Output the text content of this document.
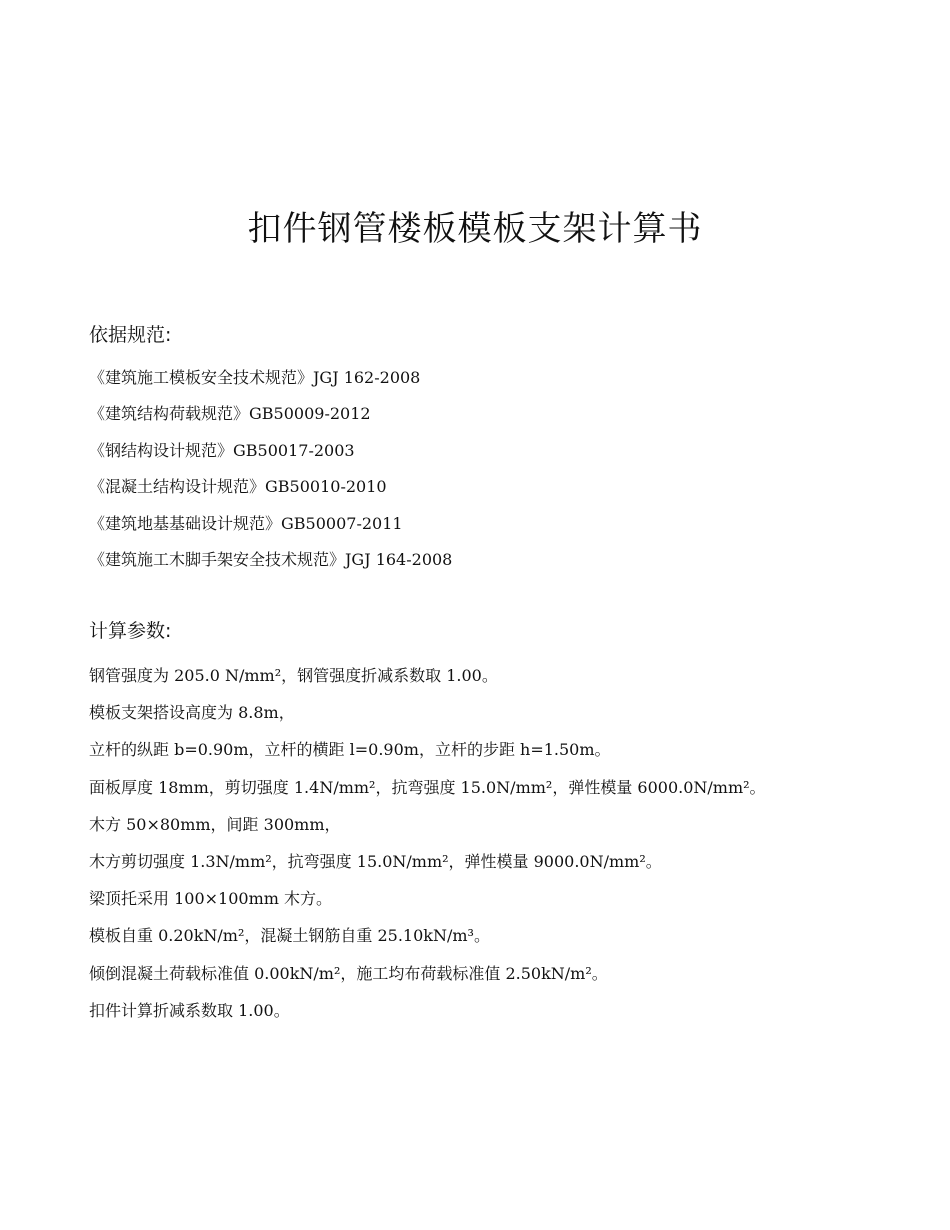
扣件钢管楼板模板支架计算书
依据规范:
《建筑施工模板安全技术规范》JGJ 162-2008
《建筑结构荷载规范》GB50009-2012
《钢结构设计规范》GB50017-2003
《混凝土结构设计规范》GB50010-2010
《建筑地基基础设计规范》GB50007-2011
《建筑施工木脚手架安全技术规范》JGJ 164-2008
计算参数:
钢管强度为 205.0 N/mm²，钢管强度折减系数取 1.00。
模板支架搭设高度为 8.8m，
立杆的纵距 b=0.90m，立杆的横距 l=0.90m，立杆的步距 h=1.50m。
面板厚度 18mm，剪切强度 1.4N/mm²，抗弯强度 15.0N/mm²，弹性模量 6000.0N/mm²。
木方 50×80mm，间距 300mm，
木方剪切强度 1.3N/mm²，抗弯强度 15.0N/mm²，弹性模量 9000.0N/mm²。
梁顶托采用 100×100mm 木方。
模板自重 0.20kN/m²，混凝土钢筋自重 25.10kN/m³。
倾倒混凝土荷载标准值 0.00kN/m²，施工均布荷载标准值 2.50kN/m²。
扣件计算折减系数取 1.00。
